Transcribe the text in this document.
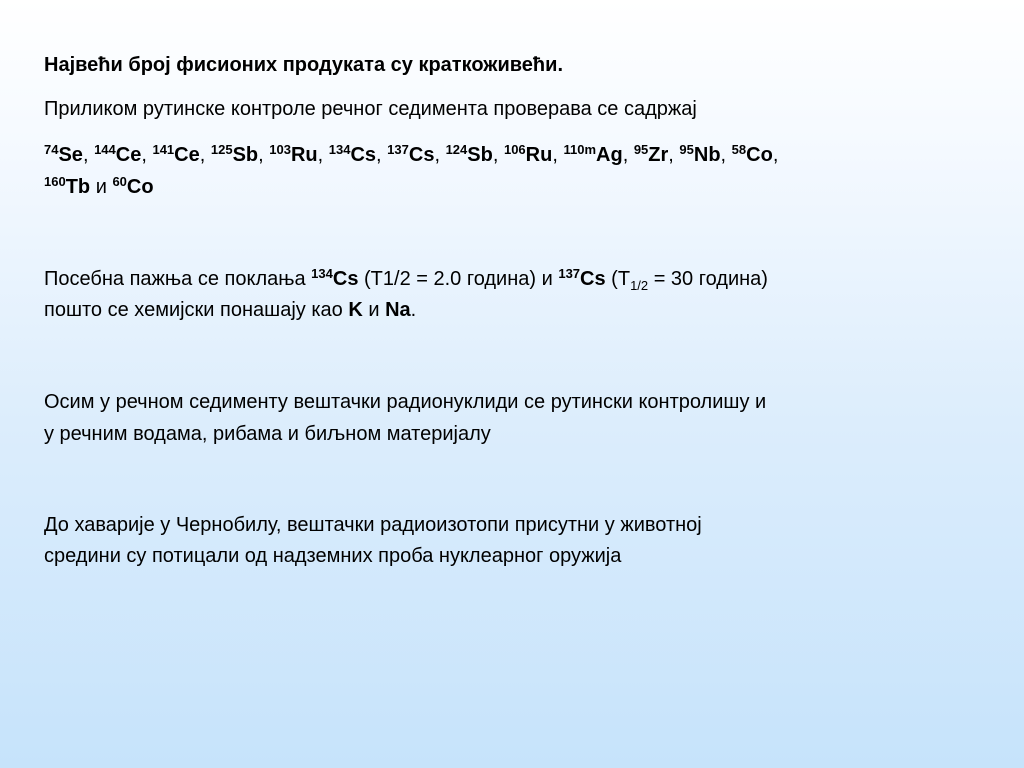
Највећи број фисионих продуката су краткоживећи.

Приликом рутинске контроле речног седимента проверава се садржај

$^{74}$Se, $^{144}$Ce, $^{141}$Ce, $^{125}$Sb, $^{103}$Ru, $^{134}$Cs, $^{137}$Cs, $^{124}$Sb, $^{106}$Ru, $^{110m}$Ag, $^{95}$Zr, $^{95}$Nb, $^{58}$Co,
$^{160}$Tb и $^{60}$Co

Посебна пажња се поклања $^{134}$Cs (T1/2 = 2.0 година) и $^{137}$Cs ($T_{1/2} = 30$ година)

пошто се хемијски понашају као K и Na.

Осим у речном седименту вештачки радионуклиди се рутински контролишу и

у речним водама, рибама и биљном материјалу

До хаварије у Чернобилу, вештачки радиоизотопи присутни у животној

средини су потицали од надземних проба нуклеарног оружија
